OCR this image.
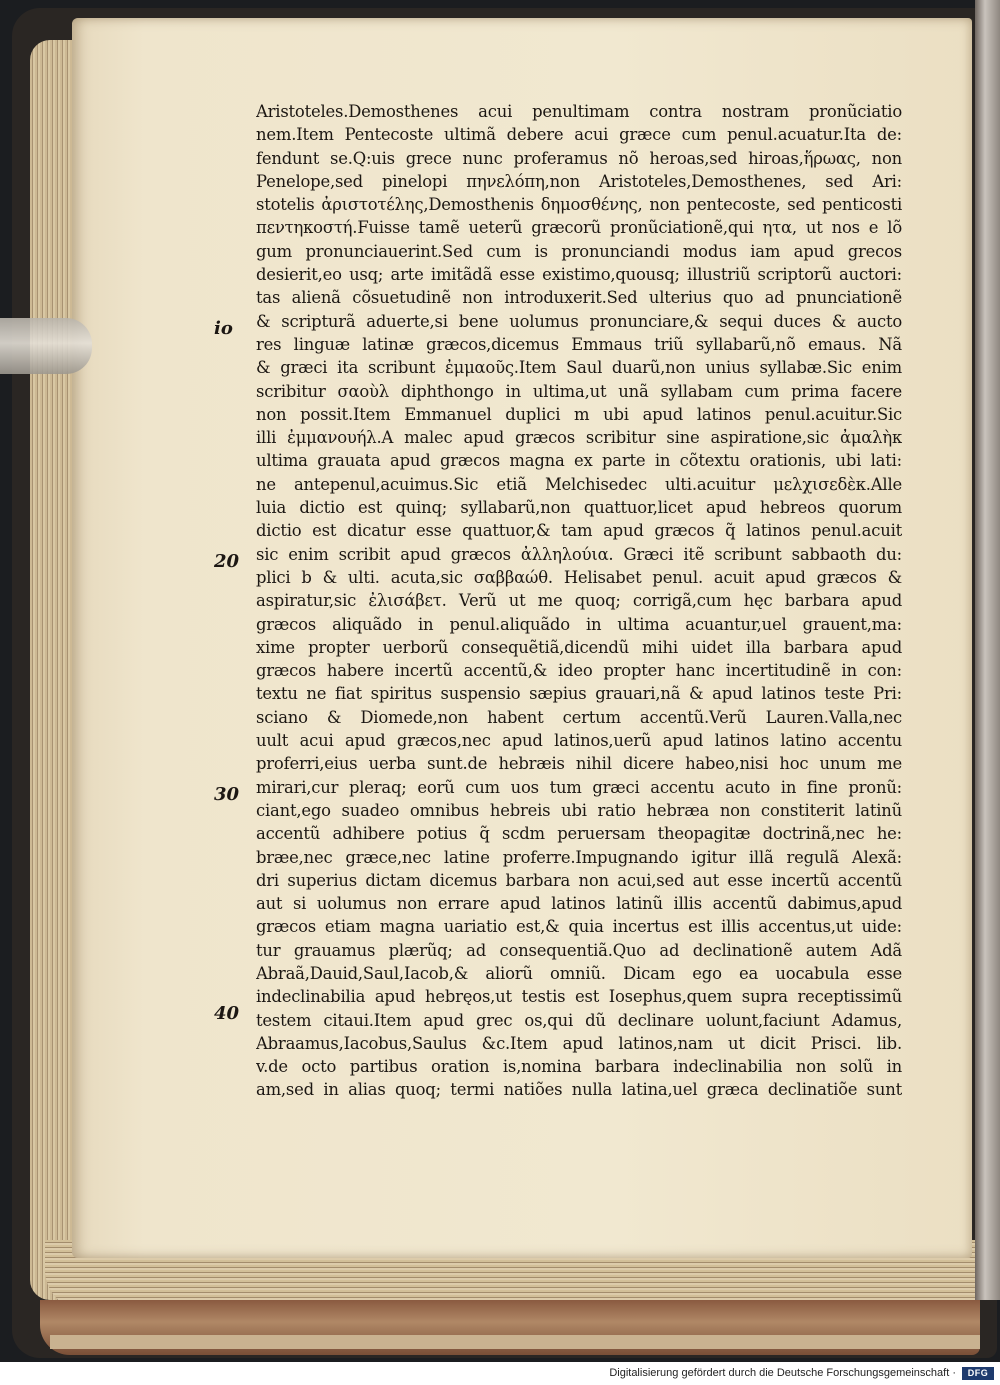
io
20
30
40
Aristoteles.Demosthenes acui penultimam contra nostram pronũciatio
nem.Item Pentecoste ultimã debere acui græce cum penul.acuatur.Ita de:
fendunt se.Q:uis grece nunc proferamus nõ heroas,sed hiroas,ἥρωας, non
Penelope,sed pinelopi πηνελόπη,non Aristoteles,Demosthenes, sed Ari:
stotelis ἀριστοτέλης,Demosthenis δημοσθένης, non pentecoste, sed penticosti
πεντηκοστή.Fuisse tamẽ ueterũ græcorũ pronũciationẽ,qui ητα, ut nos e lõ
gum pronunciauerint.Sed cum is pronunciandi modus iam apud grecos
desierit,eo usq; arte imitãdã esse existimo,quousq; illustriũ scriptorũ auctori:
tas alienã cõsuetudinẽ non introduxerit.Sed ulterius quo ad pnunciationẽ
& scripturã aduerte,si bene uolumus pronunciare,& sequi duces & aucto
res linguæ latinæ græcos,dicemus Emmaus triũ syllabarũ,nõ emaus. Nã
& græci ita scribunt ἐμμαοῦς.Item Saul duarũ,non unius syllabæ.Sic enim
scribitur σαοὺλ diphthongo in ultima,ut unã syllabam cum prima facere
non possit.Item Emmanuel duplici m ubi apud latinos penul.acuitur.Sic
illi ἐμμανουήλ.A malec apud græcos scribitur sine aspiratione,sic ἀμαλὴκ
ultima grauata apud græcos magna ex parte in cõtextu orationis, ubi lati:
ne antepenul,acuimus.Sic etiã Melchisedec ulti.acuitur μελχισεδὲκ.Alle
luia dictio est quinq; syllabarũ,non quattuor,licet apud hebreos quorum
dictio est dicatur esse quattuor,& tam apud græcos q̃ latinos penul.acuit
sic enim scribit apud græcos ἀλληλούια. Græci itẽ scribunt sabbaoth du:
plici b & ulti. acuta,sic σαββαώθ. Helisabet penul. acuit apud græcos &
aspiratur,sic ἐλισάβετ. Verũ ut me quoq; corrigã,cum hęc barbara apud
græcos aliquãdo in penul.aliquãdo in ultima acuantur,uel grauent,ma:
xime propter uerborũ consequẽtiã,dicendũ mihi uidet illa barbara apud
græcos habere incertũ accentũ,& ideo propter hanc incertitudinẽ in con:
textu ne fiat spiritus suspensio sæpius grauari,nã & apud latinos teste Pri:
sciano & Diomede,non habent certum accentũ.Verũ Lauren.Valla,nec
uult acui apud græcos,nec apud latinos,uerũ apud latinos latino accentu
proferri,eius uerba sunt.de hebræis nihil dicere habeo,nisi hoc unum me
mirari,cur pleraq; eorũ cum uos tum græci accentu acuto in fine pronũ:
ciant,ego suadeo omnibus hebreis ubi ratio hebræa non constiterit latinũ
accentũ adhibere potius q̃ scdm peruersam theopagitæ doctrinã,nec he:
bræe,nec græce,nec latine proferre.Impugnando igitur illã regulã Alexã:
dri superius dictam dicemus barbara non acui,sed aut esse incertũ accentũ
aut si uolumus non errare apud latinos latinũ illis accentũ dabimus,apud
græcos etiam magna uariatio est,& quia incertus est illis accentus,ut uide:
tur grauamus plærũq; ad consequentiã.Quo ad declinationẽ autem Adã
Abraã,Dauid,Saul,Iacob,& aliorũ omniũ. Dicam ego ea uocabula esse
indeclinabilia apud hebręos,ut testis est Iosephus,quem supra receptissimũ
testem citaui.Item apud grec os,qui dũ declinare uolunt,faciunt Adamus,
Abraamus,Iacobus,Saulus &c.Item apud latinos,nam ut dicit Prisci. lib.
v.de octo partibus oration is,nomina barbara indeclinabilia non solũ in
am,sed in alias quoq; termi natiões nulla latina,uel græca declinatiõe sunt
Digitalisierung gefördert durch die Deutsche Forschungsgemeinschaft ·	DFG
